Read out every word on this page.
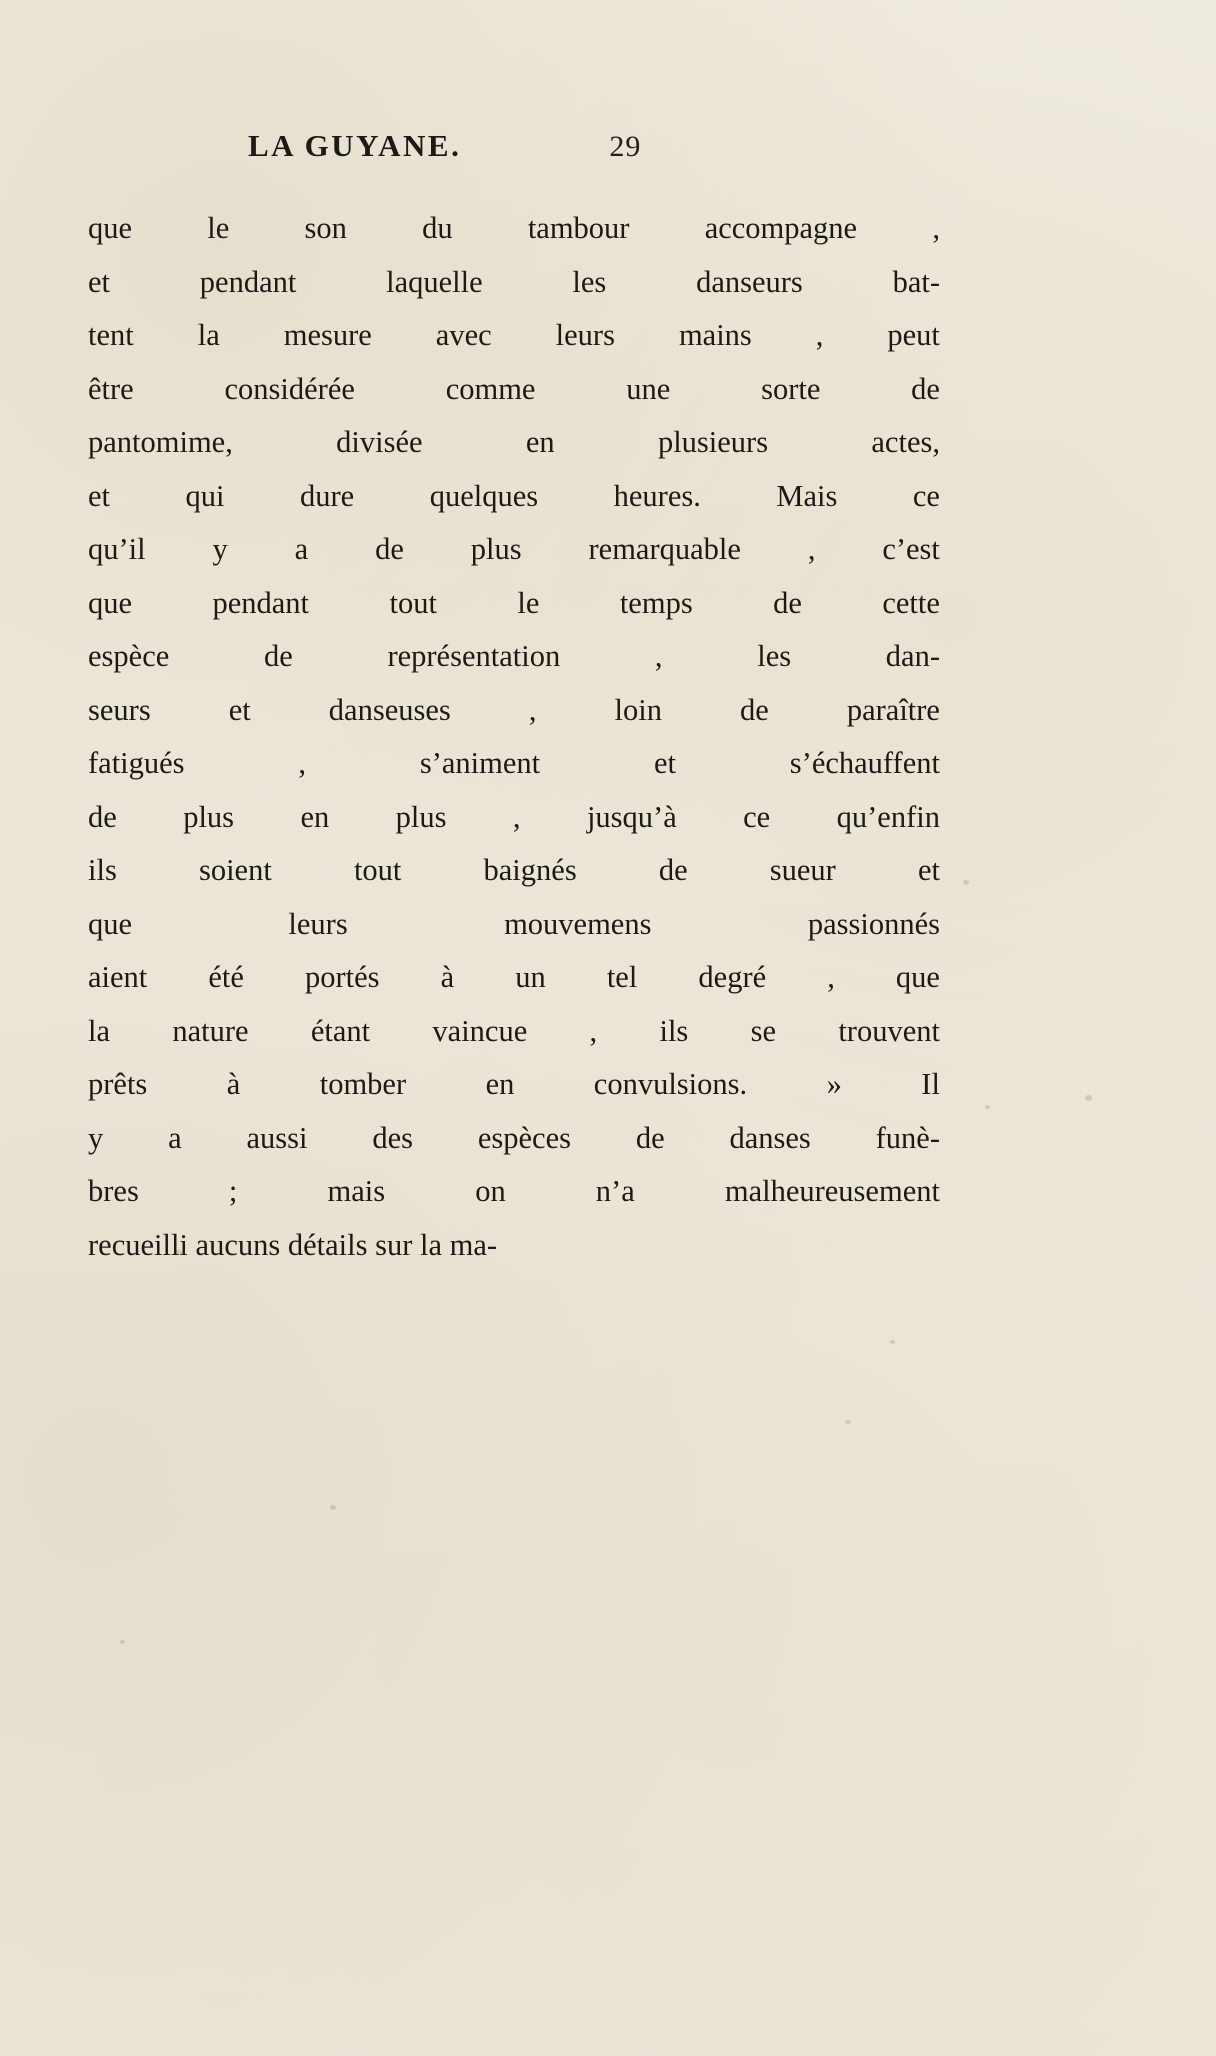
LA GUYANE.	29

que le son du tambour accompagne ,
et	pendant	laquelle	les	danseurs	bat-
tent la mesure avec leurs mains , peut
être	considérée	comme	une	sorte	de
pantomime,	divisée	en	plusieurs	actes,
et qui dure quelques heures. Mais ce
qu’il y a de plus remarquable , c’est
que	pendant	tout	le	temps	de	cette
espèce	de	représentation	,	les	dan-
seurs	et	danseuses	,	loin	de	paraître
fatigués	,	s’animent	et	s’échauffent
de plus en plus , jusqu’à ce qu’enfin
ils	soient	tout	baignés	de	sueur	et
que	leurs	mouvemens	passionnés
aient été portés à un tel degré , que
la nature étant vaincue , ils se trouvent
prêts	à	tomber	en	convulsions.	»	Il
y a aussi des espèces de danses funè-
bres	;	mais	on	n’a	malheureusement
recueilli aucuns détails sur la ma-
